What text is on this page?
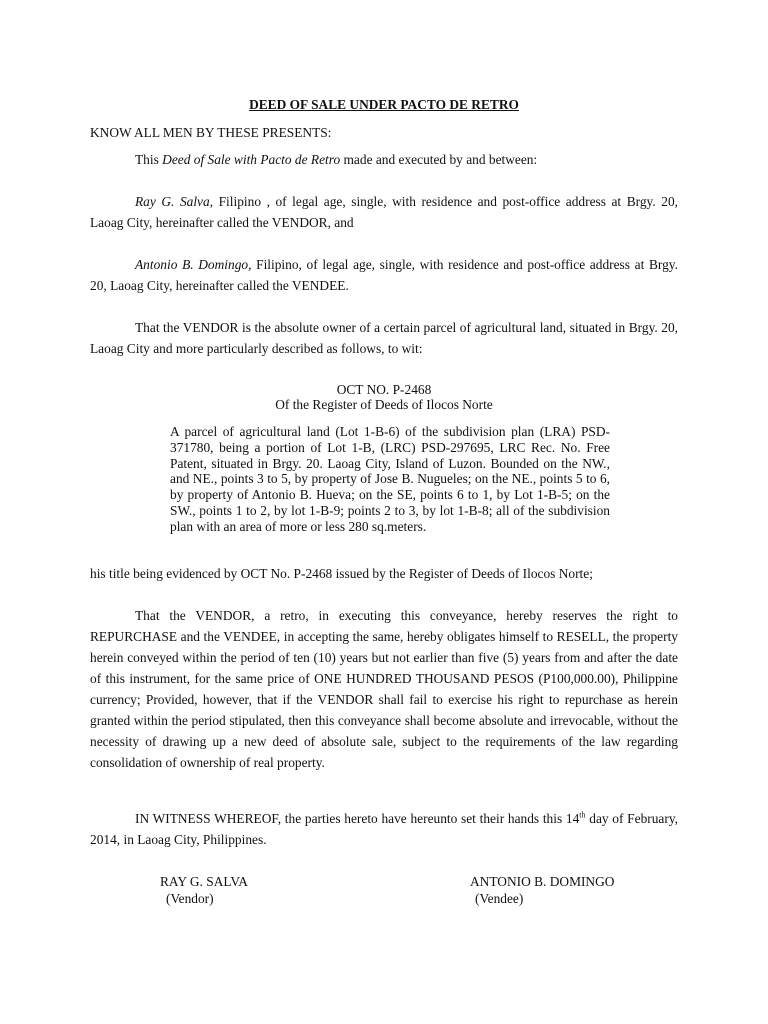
DEED OF SALE UNDER PACTO DE RETRO

KNOW ALL MEN BY THESE PRESENTS:

This Deed of Sale with Pacto de Retro made and executed by and between:

Ray G. Salva, Filipino , of legal age, single, with residence and post-office address at Brgy. 20, Laoag City, hereinafter called the VENDOR, and

Antonio B. Domingo, Filipino, of legal age, single, with residence and post-office address at Brgy. 20, Laoag City, hereinafter called the VENDEE.

That the VENDOR is the absolute owner of a certain parcel of agricultural land, situated in Brgy. 20, Laoag City and more particularly described as follows, to wit:

OCT NO. P-2468

Of the Register of Deeds of Ilocos Norte

A parcel of agricultural land (Lot 1-B-6) of the subdivision plan (LRA) PSD-371780, being a portion of Lot 1-B, (LRC) PSD-297695, LRC Rec. No. Free Patent, situated in Brgy. 20. Laoag City, Island of Luzon. Bounded on the NW., and NE., points 3 to 5, by property of Jose B. Nugueles; on the NE., points 5 to 6, by property of Antonio B. Hueva; on the SE, points 6 to 1, by Lot 1-B-5; on the SW., points 1 to 2, by lot 1-B-9; points 2 to 3, by lot 1-B-8; all of the subdivision plan with an area of more or less 280 sq.meters.

his title being evidenced by OCT No. P-2468 issued by the Register of Deeds of Ilocos Norte;

That the VENDOR, a retro, in executing this conveyance, hereby reserves the right to REPURCHASE and the VENDEE, in accepting the same, hereby obligates himself to RESELL, the property herein conveyed within the period of ten (10) years but not earlier than five (5) years from and after the date of this instrument, for the same price of ONE HUNDRED THOUSAND PESOS (P100,000.00), Philippine currency; Provided, however, that if the VENDOR shall fail to exercise his right to repurchase as herein granted within the period stipulated, then this conveyance shall become absolute and irrevocable, without the necessity of drawing up a new deed of absolute sale, subject to the requirements of the law regarding consolidation of ownership of real property.

IN WITNESS WHEREOF, the parties hereto have hereunto set their hands this 14th day of February, 2014, in Laoag City, Philippines.

RAY G. SALVA
(Vendor)
ANTONIO B. DOMINGO
(Vendee)
